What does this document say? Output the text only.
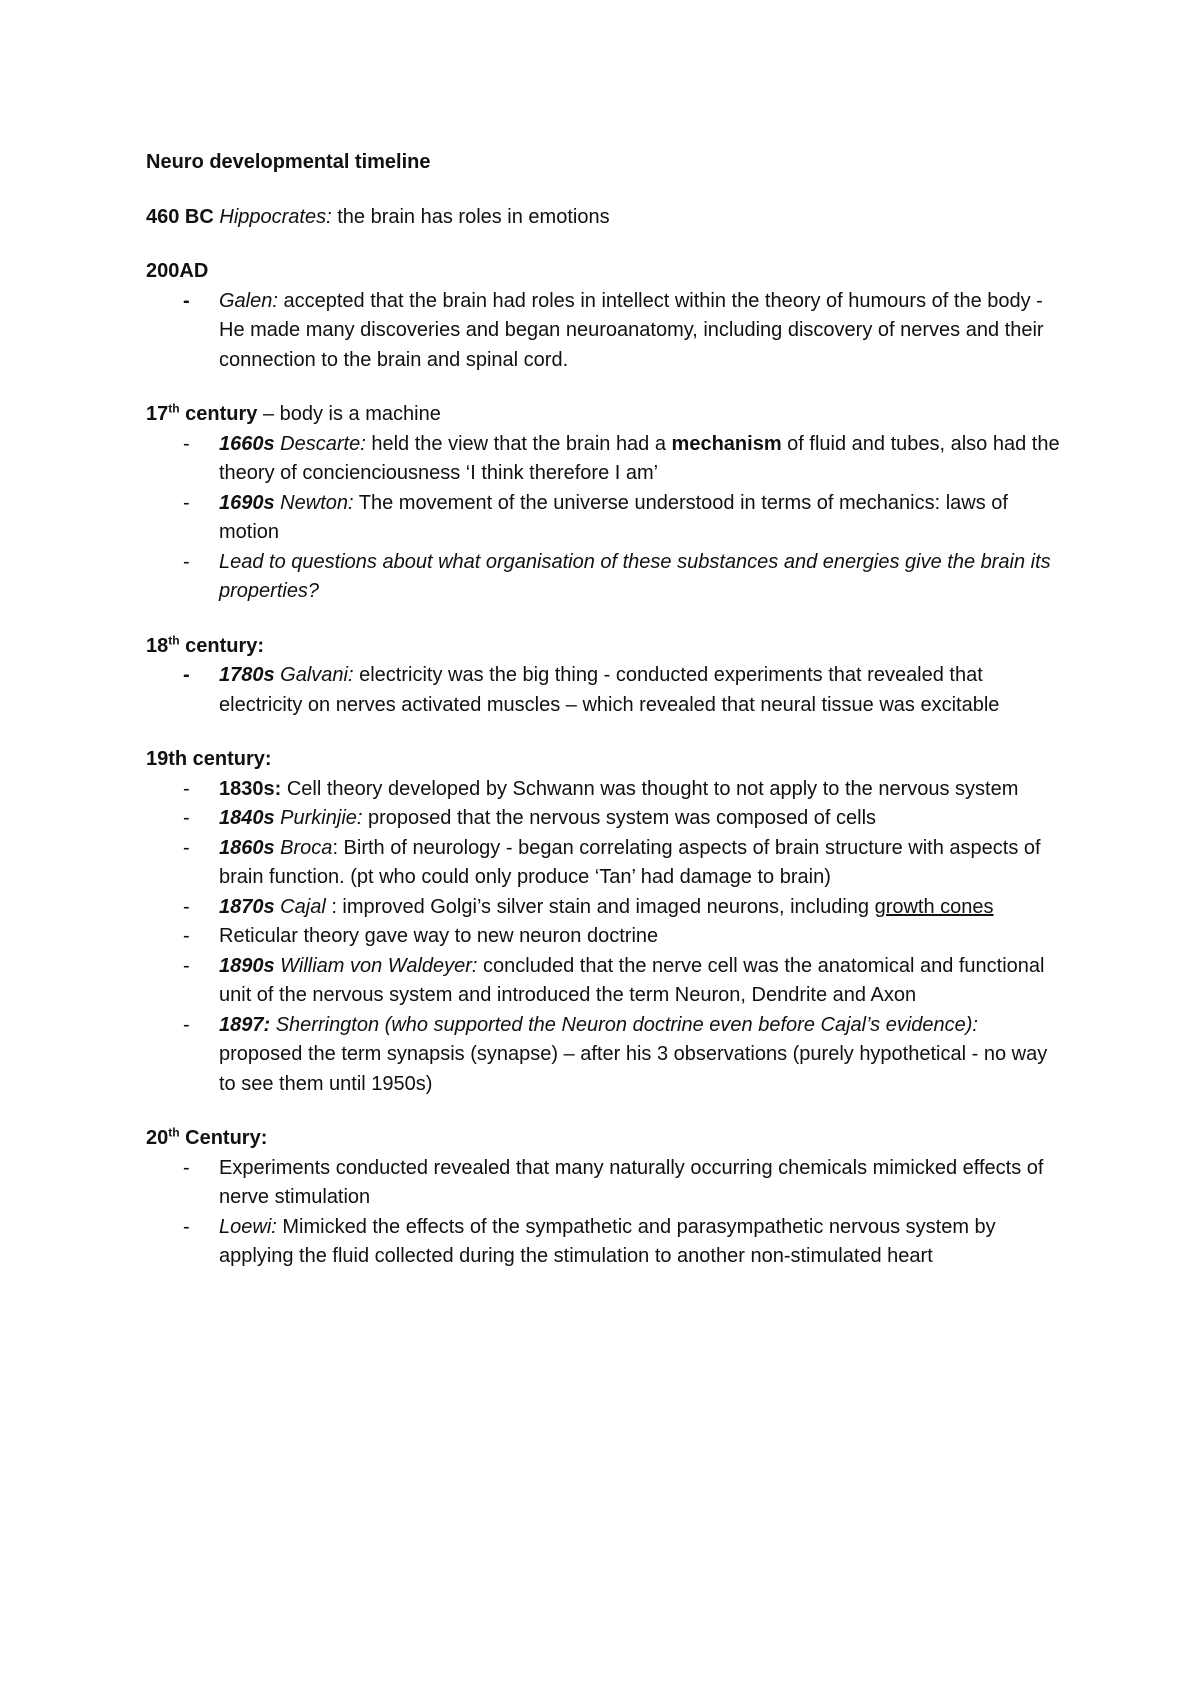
Neuro developmental timeline
460 BC Hippocrates: the brain has roles in emotions
200AD
- Galen: accepted that the brain had roles in intellect within the theory of humours of the body - He made many discoveries and began neuroanatomy, including discovery of nerves and their connection to the brain and spinal cord.
17th century – body is a machine
- 1660s Descarte: held the view that the brain had a mechanism of fluid and tubes, also had the theory of concienciousness ‘I think therefore I am’
- 1690s Newton: The movement of the universe understood in terms of mechanics: laws of motion
- Lead to questions about what organisation of these substances and energies give the brain its properties?
18th century:
- 1780s Galvani: electricity was the big thing - conducted experiments that revealed that electricity on nerves activated muscles – which revealed that neural tissue was excitable
19th century:
- 1830s: Cell theory developed by Schwann was thought to not apply to the nervous system
- 1840s Purkinjie: proposed that the nervous system was composed of cells
- 1860s Broca: Birth of neurology - began correlating aspects of brain structure with aspects of brain function. (pt who could only produce ‘Tan’ had damage to brain)
- 1870s Cajal : improved Golgi’s silver stain and imaged neurons, including growth cones
- Reticular theory gave way to new neuron doctrine
- 1890s William von Waldeyer: concluded that the nerve cell was the anatomical and functional unit of the nervous system and introduced the term Neuron, Dendrite and Axon
- 1897: Sherrington (who supported the Neuron doctrine even before Cajal’s evidence): proposed the term synapsis (synapse) – after his 3 observations (purely hypothetical - no way to see them until 1950s)
20th Century:
- Experiments conducted revealed that many naturally occurring chemicals mimicked effects of nerve stimulation
- Loewi: Mimicked the effects of the sympathetic and parasympathetic nervous system by applying the fluid collected during the stimulation to another non-stimulated heart
